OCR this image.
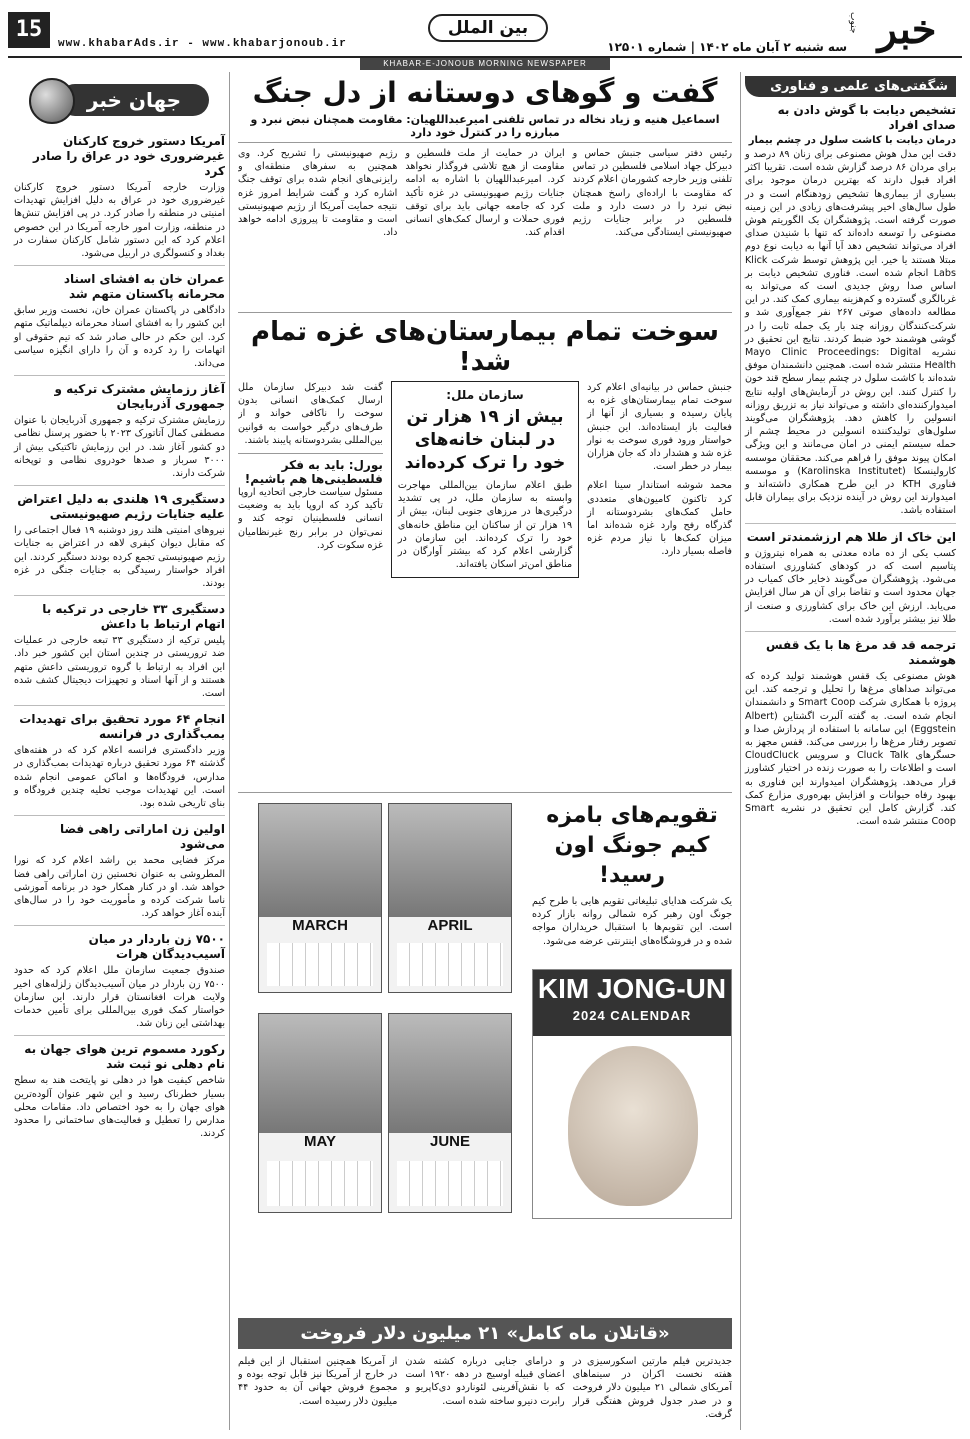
15
www.khabarAds.ir - www.khabarjonoub.ir
بین الملل	خبر
جنوب
سه شنبه ۲ آبان ماه ۱۴۰۲ | شماره ۱۲۵۰۱
KHABAR-E-JONOUB MORNING NEWSPAPER
شگفتی‌های علمی و فناوری
تشخیص دیابت با گوش دادن به صدای افراد
درمان دیابت با کاشت سلول در چشم بیمار

دقت این مدل هوش مصنوعی برای زنان ۸۹ درصد و برای مردان ۸۶ درصد گزارش شده است. تقریبا اکثر افراد قبول دارند که بهترین درمان موجود برای بسیاری از بیماری‌ها تشخیص زودهنگام است و در طول سال‌های اخیر پیشرفت‌های زیادی در این زمینه صورت گرفته است. پژوهشگران یک الگوریتم هوش مصنوعی را توسعه داده‌اند که تنها با شنیدن صدای افراد می‌تواند تشخیص دهد آیا آنها به دیابت نوع دوم مبتلا هستند یا خیر. این پژوهش توسط شرکت Klick Labs انجام شده است. فناوری تشخیص دیابت بر اساس صدا روش جدیدی است که می‌تواند به غربالگری گسترده و کم‌هزینه بیماری کمک کند. در این مطالعه داده‌های صوتی ۲۶۷ نفر جمع‌آوری شد و شرکت‌کنندگان روزانه چند بار یک جمله ثابت را در گوشی هوشمند خود ضبط کردند. نتایج این تحقیق در نشریه Mayo Clinic Proceedings: Digital Health منتشر شده است. همچنین دانشمندان موفق شده‌اند با کاشت سلول در چشم بیمار سطح قند خون را کنترل کنند. این روش در آزمایش‌های اولیه نتایج امیدوارکننده‌ای داشته و می‌تواند نیاز به تزریق روزانه انسولین را کاهش دهد. پژوهشگران می‌گویند سلول‌های تولیدکننده انسولین در محیط چشم از حمله سیستم ایمنی در امان می‌مانند و این ویژگی امکان پیوند موفق را فراهم می‌کند. محققان موسسه کارولینسکا (Karolinska Institutet) و موسسه فناوری KTH در این طرح همکاری داشته‌اند و امیدوارند این روش در آینده نزدیک برای بیماران قابل استفاده باشد.

این خاک از طلا هم ارزشمندتر است

کسب یکی از ده ماده معدنی به همراه نیتروژن و پتاسیم است که در کودهای کشاورزی استفاده می‌شود. پژوهشگران می‌گویند ذخایر خاک کمیاب در جهان محدود است و تقاضا برای آن هر سال افزایش می‌یابد. ارزش این خاک برای کشاورزی و صنعت از طلا نیز بیشتر برآورد شده است.

ترجمه قد قد مرغ ها با یک قفس هوشمند

هوش مصنوعی یک قفس هوشمند تولید کرده که می‌تواند صداهای مرغ‌ها را تحلیل و ترجمه کند. این پروژه با همکاری شرکت Smart Coop و دانشمندان انجام شده است. به گفته آلبرت اگشتاین (Albert Eggstein) این سامانه با استفاده از پردازش صدا و تصویر رفتار مرغ‌ها را بررسی می‌کند. قفس مجهز به حسگرهای Cluck Talk و سرویس CloudCluck است و اطلاعات را به صورت زنده در اختیار کشاورز قرار می‌دهد. پژوهشگران امیدوارند این فناوری به بهبود رفاه حیوانات و افزایش بهره‌وری مزارع کمک کند. گزارش کامل این تحقیق در نشریه Smart Coop منتشر شده است.

جهان خبر
آمریکا دستور خروج کارکنان غیرضروری خود در عراق را صادر کرد

وزارت خارجه آمریکا دستور خروج کارکنان غیرضروری خود در عراق به دلیل افزایش تهدیدات امنیتی در منطقه را صادر کرد. در پی افزایش تنش‌ها در منطقه، وزارت امور خارجه آمریکا در این خصوص اعلام کرد که این دستور شامل کارکنان سفارت در بغداد و کنسولگری در اربیل می‌شود.

عمران خان به افشای اسناد محرمانه پاکستان متهم شد

دادگاهی در پاکستان عمران خان، نخست وزیر سابق این کشور را به افشای اسناد محرمانه دیپلماتیک متهم کرد. این حکم در حالی صادر شد که تیم حقوقی او اتهامات را رد کرده و آن را دارای انگیزه سیاسی می‌داند.

آغاز رزمایش مشترک ترکیه و جمهوری آذربایجان

رزمایش مشترک ترکیه و جمهوری آذربایجان با عنوان مصطفی کمال آتاتورک ۲۰۲۳ با حضور پرسنل نظامی دو کشور آغاز شد. در این رزمایش تاکتیکی بیش از ۳۰۰۰ سرباز و صدها خودروی نظامی و توپخانه شرکت دارند.

دستگیری ۱۹ هلندی به دلیل اعتراض علیه جنایات رژیم صهیونیستی

نیروهای امنیتی هلند روز دوشنبه ۱۹ فعال اجتماعی را که مقابل دیوان کیفری لاهه در اعتراض به جنایات رژیم صهیونیستی تجمع کرده بودند دستگیر کردند. این افراد خواستار رسیدگی به جنایات جنگی در غزه بودند.

دستگیری ۳۳ خارجی در ترکیه با اتهام ارتباط با داعش

پلیس ترکیه از دستگیری ۳۳ تبعه خارجی در عملیات ضد تروریستی در چندین استان این کشور خبر داد. این افراد به ارتباط با گروه تروریستی داعش متهم هستند و از آنها اسناد و تجهیزات دیجیتال کشف شده است.

انجام ۶۴ مورد تحقیق برای تهدیدات بمب‌گذاری در فرانسه

وزیر دادگستری فرانسه اعلام کرد که در هفته‌های گذشته ۶۴ مورد تحقیق درباره تهدیدات بمب‌گذاری در مدارس، فرودگاه‌ها و اماکن عمومی انجام شده است. این تهدیدات موجب تخلیه چندین فرودگاه و بنای تاریخی شده بود.

اولین زن اماراتی راهی فضا می‌شود

مرکز فضایی محمد بن راشد اعلام کرد که نورا المطروشی به عنوان نخستین زن اماراتی راهی فضا خواهد شد. او در کنار همکار خود در برنامه آموزشی ناسا شرکت کرده و مأموریت خود را در سال‌های آینده آغاز خواهد کرد.

۷۵۰۰ زن باردار در میان آسیب‌دیدگان هرات

صندوق جمعیت سازمان ملل اعلام کرد که حدود ۷۵۰۰ زن باردار در میان آسیب‌دیدگان زلزله‌های اخیر ولایت هرات افغانستان قرار دارند. این سازمان خواستار کمک فوری بین‌المللی برای تأمین خدمات بهداشتی این زنان شد.

رکورد مسموم ترین هوای جهان به نام دهلی نو ثبت شد

شاخص کیفیت هوا در دهلی نو پایتخت هند به سطح بسیار خطرناک رسید و این شهر عنوان آلوده‌ترین هوای جهان را به خود اختصاص داد. مقامات محلی مدارس را تعطیل و فعالیت‌های ساختمانی را محدود کردند.

گفت و گوهای دوستانه از دل جنگ
اسماعیل هنیه و زیاد نخاله در تماس تلفنی امیرعبداللهیان: مقاومت همچنان نبض نبرد و مبارزه را در کنترل خود دارد

رئیس دفتر سیاسی جنبش حماس و دبیرکل جهاد اسلامی فلسطین در تماس تلفنی وزیر خارجه کشورمان اعلام کردند که مقاومت با اراده‌ای راسخ همچنان نبض نبرد را در دست دارد و ملت فلسطین در برابر جنایات رژیم صهیونیستی ایستادگی می‌کند.

ایران در حمایت از ملت فلسطین و مقاومت از هیچ تلاشی فروگذار نخواهد کرد. امیرعبداللهیان با اشاره به ادامه جنایات رژیم صهیونیستی در غزه تأکید کرد که جامعه جهانی باید برای توقف فوری حملات و ارسال کمک‌های انسانی اقدام کند.

رژیم صهیونیستی را تشریح کرد. وی همچنین به سفرهای منطقه‌ای و رایزنی‌های انجام شده برای توقف جنگ اشاره کرد و گفت شرایط امروز غزه نتیجه حمایت آمریکا از رژیم صهیونیستی است و مقاومت تا پیروزی ادامه خواهد داد.

سوخت تمام بیمارستان‌های غزه تمام شد!

جنبش حماس در بیانیه‌ای اعلام کرد سوخت تمام بیمارستان‌های غزه به پایان رسیده و بسیاری از آنها از فعالیت باز ایستاده‌اند. این جنبش خواستار ورود فوری سوخت به نوار غزه شد و هشدار داد که جان هزاران بیمار در خطر است.

محمد شوشه استاندار سینا اعلام کرد تاکنون کامیون‌های متعددی حامل کمک‌های بشردوستانه از گذرگاه رفح وارد غزه شده‌اند اما میزان کمک‌ها با نیاز مردم غزه فاصله بسیار دارد.

سازمان ملل:
بیش از ۱۹ هزار تن در لبنان خانه‌های خود را ترک کرده‌اند

طبق اعلام سازمان بین‌المللی مهاجرت وابسته به سازمان ملل، در پی تشدید درگیری‌ها در مرزهای جنوبی لبنان، بیش از ۱۹ هزار تن از ساکنان این مناطق خانه‌های خود را ترک کرده‌اند. این سازمان در گزارشی اعلام کرد که بیشتر آوارگان در مناطق امن‌تر اسکان یافته‌اند.

گفت شد دبیرکل سازمان ملل ارسال کمک‌های انسانی بدون سوخت را ناکافی خواند و از طرف‌های درگیر خواست به قوانین بین‌المللی بشردوستانه پایبند باشند.

بورل: باید به فکر فلسطینی‌ها هم باشیم!

مسئول سیاست خارجی اتحادیه اروپا تأکید کرد که اروپا باید به وضعیت انسانی فلسطینیان توجه کند و نمی‌توان در برابر رنج غیرنظامیان غزه سکوت کرد.

تقویم‌های بامزه کیم جونگ اون رسید!

یک شرکت هدایای تبلیغاتی تقویم هایی با طرح کیم جونگ اون رهبر کره شمالی روانه بازار کرده است. این تقویم‌ها با استقبال خریداران مواجه شده و در فروشگاه‌های اینترنتی عرضه می‌شود.

MARCH	APRIL
MAY	JUNE
KIM JONG-UN
2024 CALENDAR
«قاتلان ماه کامل» ۲۱ میلیون دلار فروخت

جدیدترین فیلم مارتین اسکورسیزی در هفته نخست اکران در سینماهای آمریکای شمالی ۲۱ میلیون دلار فروخت و در صدر جدول فروش هفتگی قرار گرفت.

و درامای جنایی درباره کشته شدن اعضای قبیله اوسیج در دهه ۱۹۲۰ است که با نقش‌آفرینی لئوناردو دی‌کاپریو و رابرت دنیرو ساخته شده است.

از آمریکا همچنین استقبال از این فیلم در خارج از آمریکا نیز قابل توجه بوده و مجموع فروش جهانی آن به حدود ۴۴ میلیون دلار رسیده است.
